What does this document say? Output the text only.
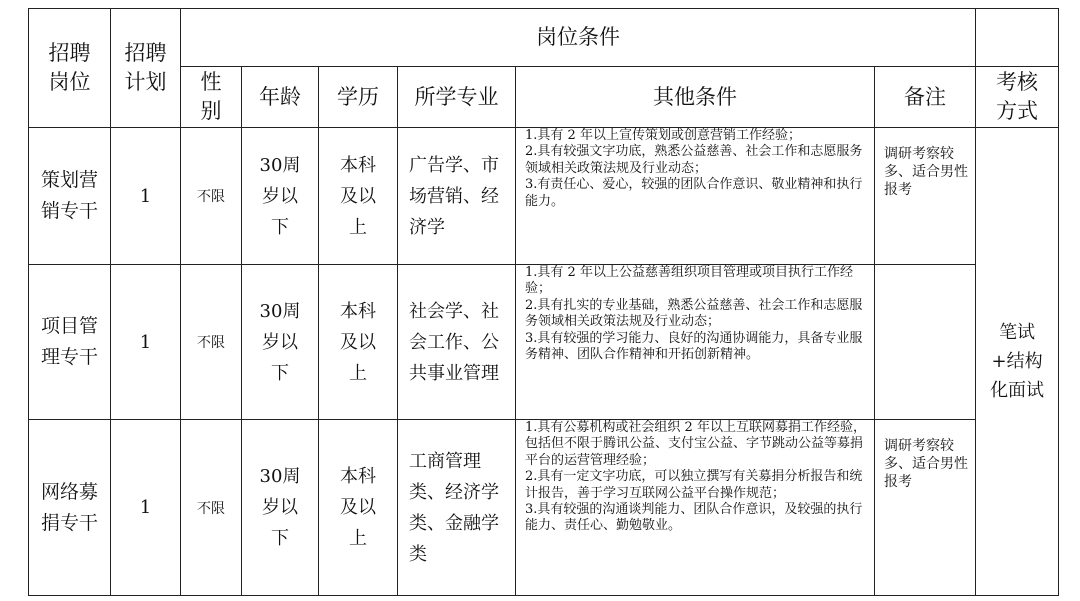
招聘岗位	招聘计划	岗位条件						
		性别	年龄	学历	所学专业	其他条件	备注	考核方式
策划营销专干	1	不限	30周岁以下	本科及以上	广告学、市场营销、经济学	1.具有 2 年以上宣传策划或创意营销工作经验；
2.具有较强文字功底，熟悉公益慈善、社会工作和志愿服务领域相关政策法规及行业动态；
3.有责任心、爱心，较强的团队合作意识、敬业精神和执行能力。	调研考察较多、适合男性报考	笔试+结构化面试
项目管理专干	1	不限	30周岁以下	本科及以上	社会学、社会工作、公共事业管理	1.具有 2 年以上公益慈善组织项目管理或项目执行工作经验；
2.具有扎实的专业基础，熟悉公益慈善、社会工作和志愿服务领域相关政策法规及行业动态；
3.具有较强的学习能力、良好的沟通协调能力，具备专业服务精神、团队合作精神和开拓创新精神。		

网络募捐专干	1	不限	30周岁以下	本科及以上	工商管理类、经济学类、金融学类	1.具有公募机构或社会组织 2 年以上互联网募捐工作经验，包括但不限于腾讯公益、支付宝公益、字节跳动公益等募捐平台的运营管理经验；
2.具有一定文字功底，可以独立撰写有关募捐分析报告和统计报告，善于学习互联网公益平台操作规范；
3.具有较强的沟通谈判能力、团队合作意识，及较强的执行能力、责任心、勤勉敬业。	调研考察较多、适合男性报考	
